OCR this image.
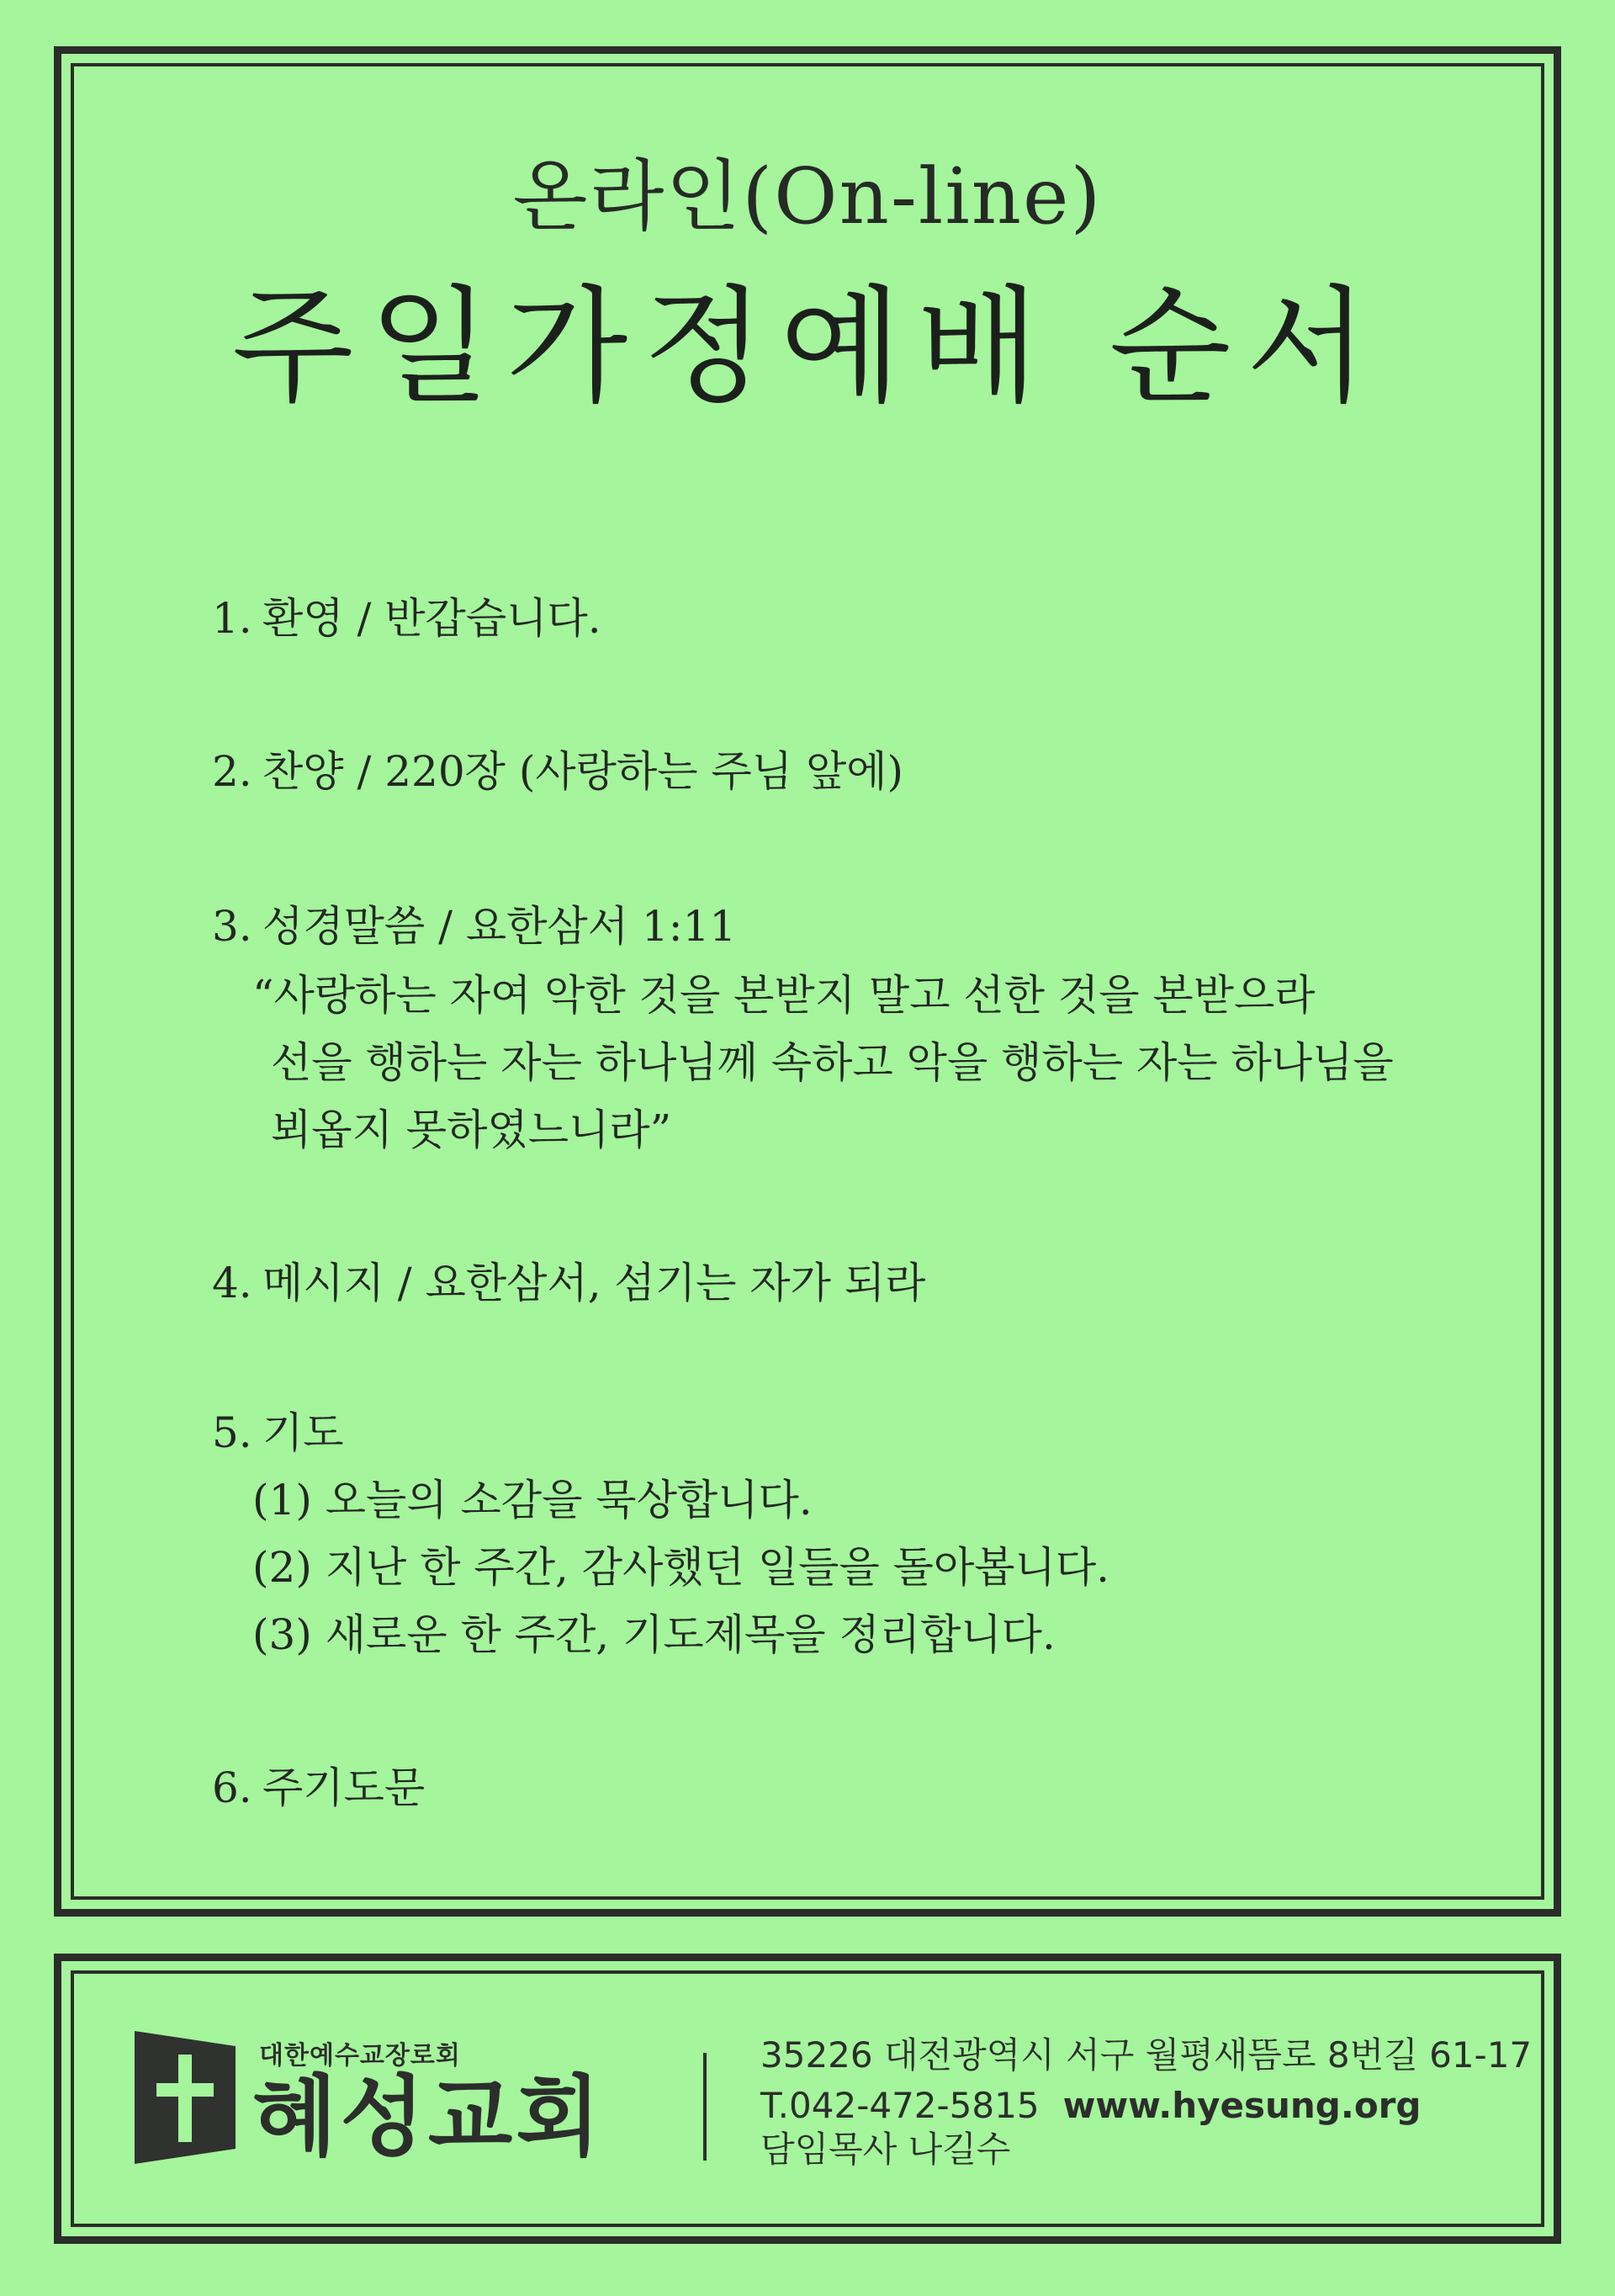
온라인(On-line)
주일가정예배 순서
1. 환영 / 반갑습니다.
2. 찬양 / 220장 (사랑하는 주님 앞에)
3. 성경말씀 / 요한삼서 1:11
“사랑하는 자여 악한 것을 본받지 말고 선한 것을 본받으라
선을 행하는 자는 하나님께 속하고 악을 행하는 자는 하나님을
뵈옵지 못하였느니라”
4. 메시지 / 요한삼서, 섬기는 자가 되라
5. 기도
(1) 오늘의 소감을 묵상합니다.
(2) 지난 한 주간, 감사했던 일들을 돌아봅니다.
(3) 새로운 한 주간, 기도제목을 정리합니다.
6. 주기도문
대한예수교장로회
혜성교회
35226 대전광역시 서구 월평새뜸로 8번길 61-17
T.042-472-5815 www.hyesung.org
담임목사 나길수
